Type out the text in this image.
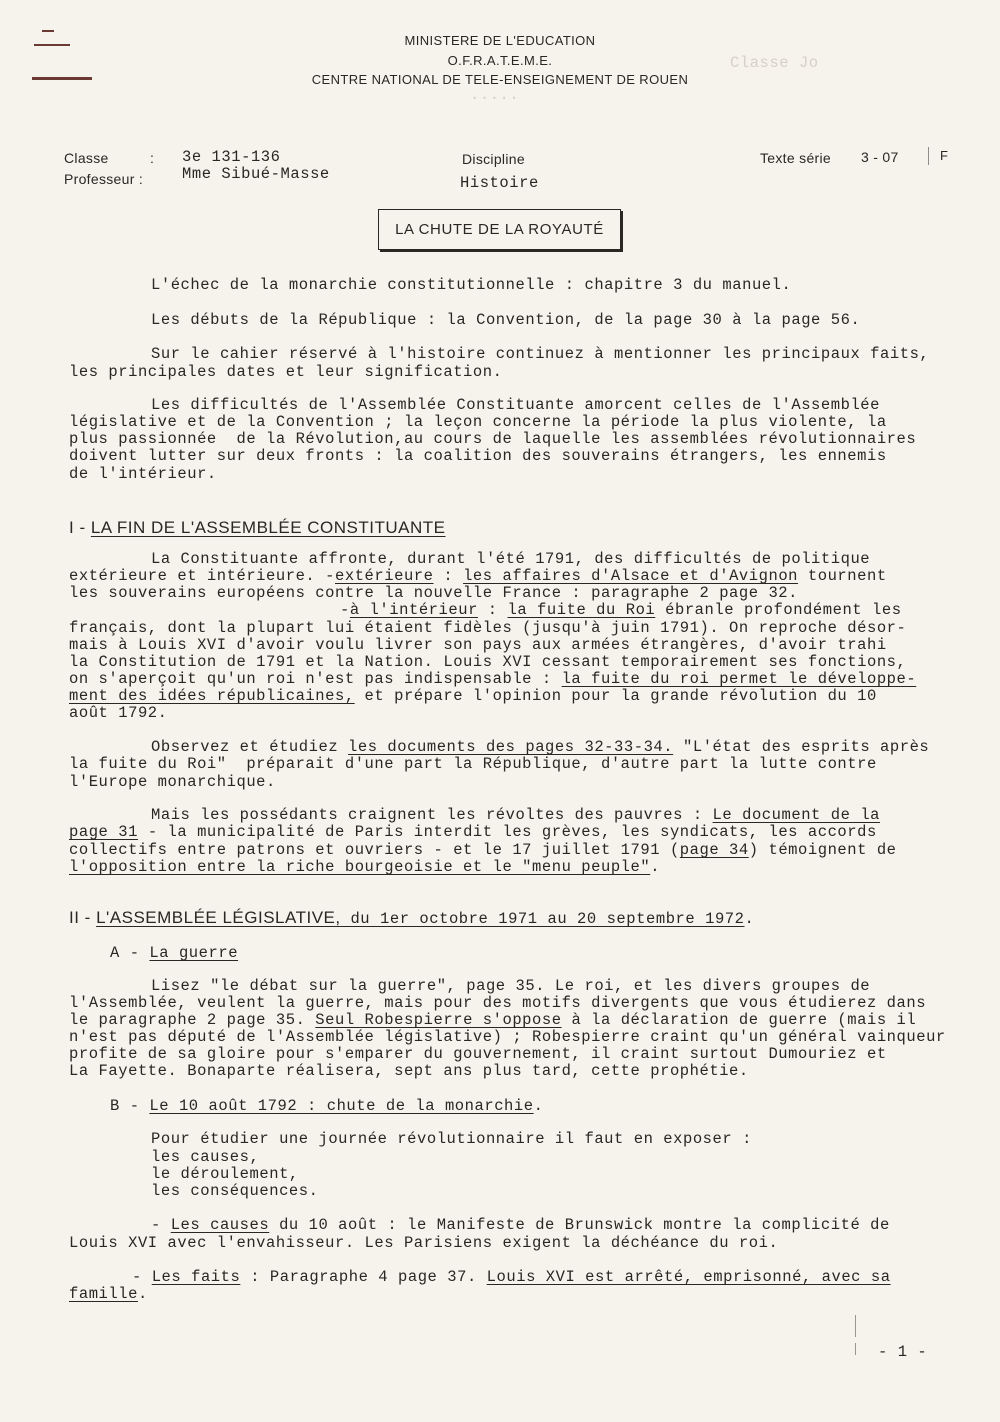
Classe Jo
.....
MINISTERE DE L'EDUCATION
O.F.R.A.T.E.M.E.
CENTRE NATIONAL DE TELE-ENSEIGNEMENT DE ROUEN
Classe	:
Professeur :
3e 131-136
Mme Sibué-Masse
Discipline
Histoire
Texte série 3 - 07	F
LA CHUTE DE LA ROYAUTÉ
L'échec de la monarchie constitutionnelle : chapitre 3 du manuel.
Les débuts de la République : la Convention, de la page 30 à la page 56.
Sur le cahier réservé à l'histoire continuez à mentionner les principaux faits,
les principales dates et leur signification.
Les difficultés de l'Assemblée Constituante amorcent celles de l'Assemblée
législative et de la Convention ; la leçon concerne la période la plus violente, la
plus passionnée  de la Révolution,au cours de laquelle les assemblées révolutionnaires
doivent lutter sur deux fronts : la coalition des souverains étrangers, les ennemis
de l'intérieur.
I - LA FIN DE L'ASSEMBLÉE CONSTITUANTE
La Constituante affronte, durant l'été 1791, des difficultés de politique
extérieure et intérieure. -extérieure : les affaires d'Alsace et d'Avignon tournent
les souverains européens contre la nouvelle France : paragraphe 2 page 32.
-à l'intérieur : la fuite du Roi ébranle profondément les
français, dont la plupart lui étaient fidèles (jusqu'à juin 1791). On reproche désor-
mais à Louis XVI d'avoir voulu livrer son pays aux armées étrangères, d'avoir trahi
la Constitution de 1791 et la Nation. Louis XVI cessant temporairement ses fonctions,
on s'aperçoit qu'un roi n'est pas indispensable : la fuite du roi permet le développe-
ment des idées républicaines, et prépare l'opinion pour la grande révolution du 10
août 1792.
Observez et étudiez les documents des pages 32-33-34. "L'état des esprits après
la fuite du Roi"  préparait d'une part la République, d'autre part la lutte contre
l'Europe monarchique.
Mais les possédants craignent les révoltes des pauvres : Le document de la
page 31 - la municipalité de Paris interdit les grèves, les syndicats, les accords
collectifs entre patrons et ouvriers - et le 17 juillet 1791 (page 34) témoignent de
l'opposition entre la riche bourgeoisie et le "menu peuple".
II - L'ASSEMBLÉE LÉGISLATIVE, du 1er octobre 1971 au 20 septembre 1972.
A - La guerre
Lisez "le débat sur la guerre", page 35. Le roi, et les divers groupes de
l'Assemblée, veulent la guerre, mais pour des motifs divergents que vous étudierez dans
le paragraphe 2 page 35. Seul Robespierre s'oppose à la déclaration de guerre (mais il
n'est pas député de l'Assemblée législative) ; Robespierre craint qu'un général vainqueur
profite de sa gloire pour s'emparer du gouvernement, il craint surtout Dumouriez et
La Fayette. Bonaparte réalisera, sept ans plus tard, cette prophétie.
B - Le 10 août 1792 : chute de la monarchie.
Pour étudier une journée révolutionnaire il faut en exposer :
les causes,
le déroulement,
les conséquences.
- Les causes du 10 août : le Manifeste de Brunswick montre la complicité de
Louis XVI avec l'envahisseur. Les Parisiens exigent la déchéance du roi.
- Les faits : Paragraphe 4 page 37. Louis XVI est arrêté, emprisonné, avec sa
famille.
- 1 -
